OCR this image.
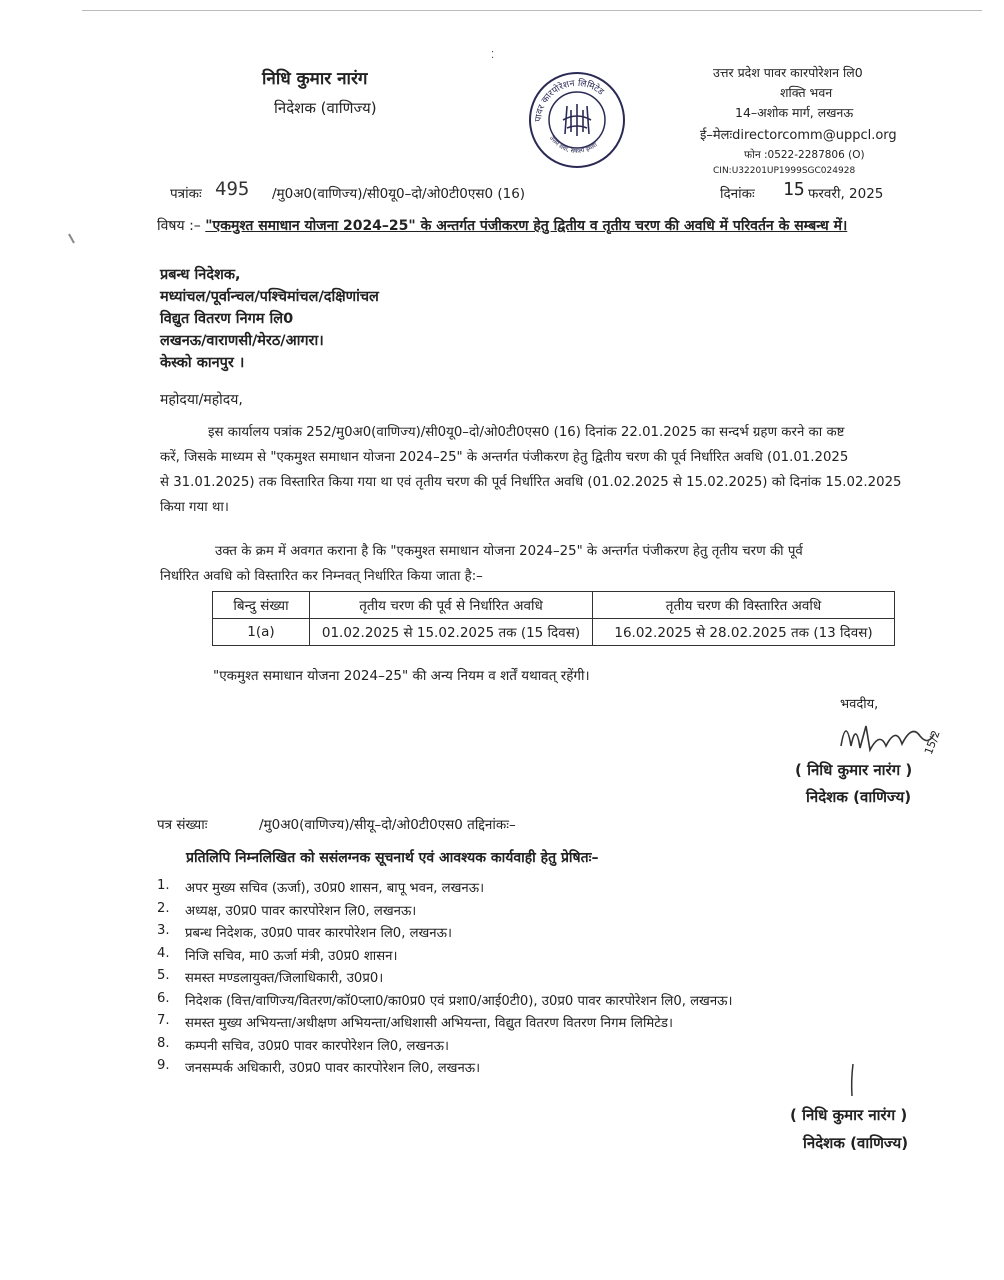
⁚
निधि कुमार नारंग
निदेशक (वाणिज्य)
पावर कारपोरेशन लिमिटेड
उत्तम सेवा, संकल्प हमारा
उत्तर प्रदेश पावर कारपोरेशन लि0
शक्ति भवन
14–अशोक मार्ग, लखनऊ
ई–मेलःdirectorcomm@uppcl.org
फोन :0522-2287806 (O)
CIN:U32201UP1999SGC024928
पत्रांकः 495 /मु0अ0(वाणिज्य)/सी0यू0–दो/ओ0टी0एस0 (16)	दिनांकः 15 फरवरी, 2025
विषय :– "एकमुश्त समाधान योजना 2024–25" के अन्तर्गत पंजीकरण हेतु द्वितीय व तृतीय चरण की अवधि में परिवर्तन के सम्बन्ध में।
प्रबन्ध निदेशक,
मध्यांचल/पूर्वान्चल/पश्चिमांचल/दक्षिणांचल
विद्युत वितरण निगम लि0
लखनऊ/वाराणसी/मेरठ/आगरा।
केस्को कानपुर ।
महोदया/महोदय,
इस कार्यालय पत्रांक 252/मु0अ0(वाणिज्य)/सी0यू0–दो/ओ0टी0एस0 (16) दिनांक 22.01.2025 का सन्दर्भ ग्रहण करने का कष्ट
करें, जिसके माध्यम से "एकमुश्त समाधान योजना 2024–25" के अन्तर्गत पंजीकरण हेतु द्वितीय चरण की पूर्व निर्धारित अवधि (01.01.2025
से 31.01.2025) तक विस्तारित किया गया था एवं तृतीय चरण की पूर्व निर्धारित अवधि (01.02.2025 से 15.02.2025) को दिनांक 15.02.2025
किया गया था।
उक्त के क्रम में अवगत कराना है कि "एकमुश्त समाधान योजना 2024–25" के अन्तर्गत पंजीकरण हेतु तृतीय चरण की पूर्व
निर्धारित अवधि को विस्तारित कर निम्नवत् निर्धारित किया जाता है:–
बिन्दु संख्या	तृतीय चरण की पूर्व से निर्धारित अवधि	तृतीय चरण की विस्तारित अवधि
1(a)	01.02.2025 से 15.02.2025 तक (15 दिवस)	16.02.2025 से 28.02.2025 तक (13 दिवस)
"एकमुश्त समाधान योजना 2024–25" की अन्य नियम व शर्तें यथावत् रहेंगी।
भवदीय,
15/2
( निधि कुमार नारंग )
निदेशक (वाणिज्य)
पत्र संख्याः	/मु0अ0(वाणिज्य)/सीयू–दो/ओ0टी0एस0 तद्दिनांकः–
प्रतिलिपि निम्नलिखित को ससंलग्नक सूचनार्थ एवं आवश्यक कार्यवाही हेतु प्रेषितः–
1.	अपर मुख्य सचिव (ऊर्जा), उ0प्र0 शासन, बापू भवन, लखनऊ।
2.	अध्यक्ष, उ0प्र0 पावर कारपोरेशन लि0, लखनऊ।
3.	प्रबन्ध निदेशक, उ0प्र0 पावर कारपोरेशन लि0, लखनऊ।
4.	निजि सचिव, मा0 ऊर्जा मंत्री, उ0प्र0 शासन।
5.	समस्त मण्डलायुक्त/जिलाधिकारी, उ0प्र0।
6.	निदेशक (वित्त/वाणिज्य/वितरण/कॉ0प्ला0/का0प्र0 एवं प्रशा0/आई0टी0), उ0प्र0 पावर कारपोरेशन लि0, लखनऊ।
7.	समस्त मुख्य अभियन्ता/अधीक्षण अभियन्ता/अधिशासी अभियन्ता, विद्युत वितरण वितरण निगम लिमिटेड।
8.	कम्पनी सचिव, उ0प्र0 पावर कारपोरेशन लि0, लखनऊ।
9.	जनसम्पर्क अधिकारी, उ0प्र0 पावर कारपोरेशन लि0, लखनऊ।
( निधि कुमार नारंग )
निदेशक (वाणिज्य)
